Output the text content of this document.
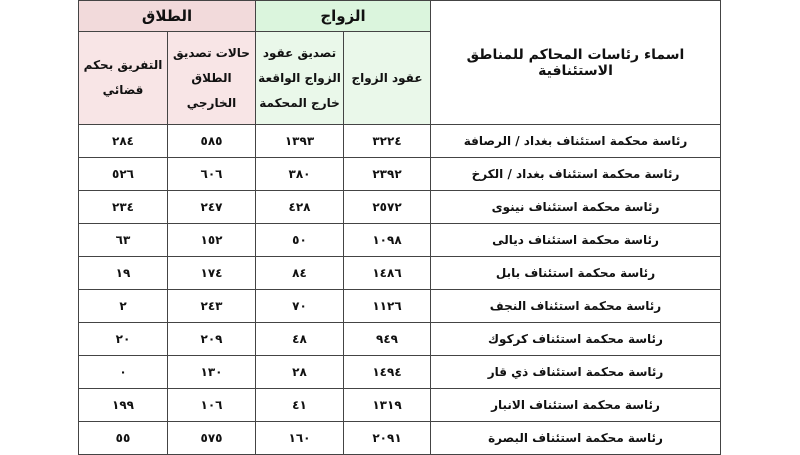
اسماء رئاسات المحاكم للمناطق الاستئنافية	الزواج		الطلاق	
	عقود الزواج	تصديق عقود الزواج الواقعة خارج المحكمة	حالات تصديق الطلاق الخارجي	التفريق بحكم قضائي
رئاسة محكمة استئناف بغداد / الرصافة	٣٢٢٤	١٣٩٣	٥٨٥	٢٨٤
رئاسة محكمة استئناف بغداد / الكرخ	٢٣٩٢	٣٨٠	٦٠٦	٥٢٦
رئاسة محكمة استئناف نينوى	٢٥٧٢	٤٢٨	٢٤٧	٢٣٤
رئاسة محكمة استئناف ديالى	١٠٩٨	٥٠	١٥٢	٦٣
رئاسة محكمة استئناف بابل	١٤٨٦	٨٤	١٧٤	١٩
رئاسة محكمة استئناف النجف	١١٢٦	٧٠	٢٤٣	٢
رئاسة محكمة استئناف كركوك	٩٤٩	٤٨	٢٠٩	٢٠
رئاسة محكمة استئناف ذي قار	١٤٩٤	٢٨	١٣٠	٠
رئاسة محكمة استئناف الانبار	١٣١٩	٤١	١٠٦	١٩٩
رئاسة محكمة استئناف البصرة	٢٠٩١	١٦٠	٥٧٥	٥٥
